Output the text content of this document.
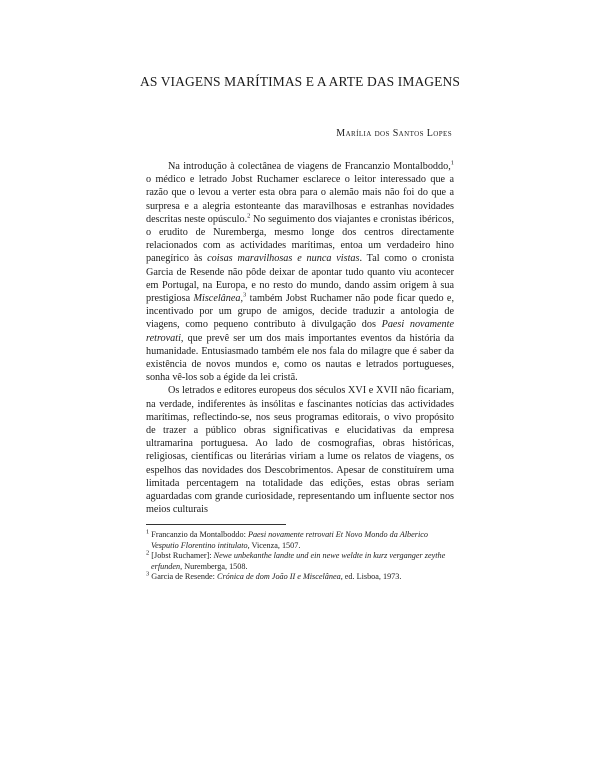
AS VIAGENS MARÍTIMAS E A ARTE DAS IMAGENS
Marília dos Santos Lopes

Na introdução à colectânea de viagens de Francanzio Montalboddo,$^1$ o médico e letrado Jobst Ruchamer esclarece o leitor interessado que a razão que o levou a verter esta obra para o alemão mais não foi do que a surpresa e a alegria estonteante das maravilhosas e estranhas novidades descritas neste opúsculo.$^2$ No seguimento dos viajantes e cronistas ibéricos, o erudito de Nuremberga, mesmo longe dos centros directamente relacionados com as actividades marítimas, entoa um verdadeiro hino panegírico às coisas maravilhosas e nunca vistas. Tal como o cronista Garcia de Resende não pôde deixar de apontar tudo quanto viu acontecer em Portugal, na Europa, e no resto do mundo, dando assim origem à sua prestigiosa Miscelânea,$^3$ também Jobst Ruchamer não pode ficar quedo e, incentivado por um grupo de amigos, decide traduzir a antologia de viagens, como pequeno contributo à divulgação dos Paesi novamente retrovati, que prevê ser um dos mais importantes eventos da história da humanidade. Entusiasmado também ele nos fala do milagre que é saber da existência de novos mundos e, como os nautas e letrados portugueses, sonha vê-los sob a égide da lei cristã.

Os letrados e editores europeus dos séculos XVI e XVII não ficariam, na verdade, indiferentes às insólitas e fascinantes notícias das actividades marítimas, reflectindo-se, nos seus programas editorais, o vivo propósito de trazer a público obras significativas e elucidativas da empresa ultramarina portuguesa. Ao lado de cosmografias, obras históricas, religiosas, científicas ou literárias viriam a lume os relatos de viagens, os espelhos das novidades dos Descobrimentos. Apesar de constituírem uma limitada percentagem na totalidade das edições, estas obras seriam aguardadas com grande curiosidade, representando um influente sector nos meios culturais

$^1$ Francanzio da Montalboddo: Paesi novamente retrovati Et Novo Mondo da Alberico Vesputio Florentino intitulato, Vicenza, 1507.

$^2$ [Jobst Ruchamer]: Newe unbekanthe landte und ein newe weldte in kurz verganger zeythe erfunden, Nuremberga, 1508.

$^3$ Garcia de Resende: Crónica de dom João II e Miscelânea, ed. Lisboa, 1973.
